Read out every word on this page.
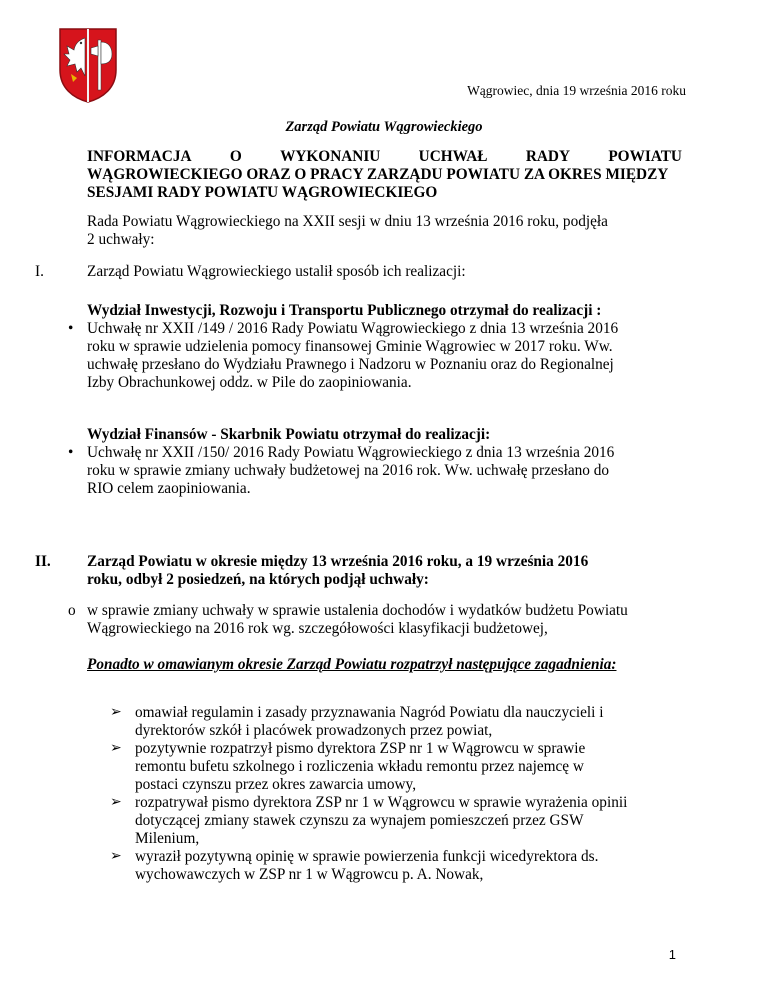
Wągrowiec, dnia 19 września 2016 roku
Zarząd Powiatu Wągrowieckiego
INFORMACJA	O	WYKONANIU	UCHWAŁ	RADY	POWIATU
WĄGROWIECKIEGO ORAZ O PRACY ZARZĄDU POWIATU ZA OKRES MIĘDZY
SESJAMI RADY POWIATU WĄGROWIECKIEGO
Rada Powiatu Wągrowieckiego na XXII sesji w dniu 13 września 2016 roku, podjęła
2 uchwały:
I.	Zarząd Powiatu Wągrowieckiego ustalił sposób ich realizacji:
Wydział Inwestycji, Rozwoju i Transportu Publicznego otrzymał do realizacji :
• Uchwałę nr XXII /149 / 2016 Rady Powiatu Wągrowieckiego z dnia 13 września 2016
roku w sprawie udzielenia pomocy finansowej Gminie Wągrowiec w 2017 roku. Ww.
uchwałę przesłano do Wydziału Prawnego i Nadzoru w Poznaniu oraz do Regionalnej
Izby Obrachunkowej oddz. w Pile do zaopiniowania.
Wydział Finansów - Skarbnik Powiatu otrzymał do realizacji:
• Uchwałę nr XXII /150/ 2016 Rady Powiatu Wągrowieckiego z dnia 13 września 2016
roku w sprawie zmiany uchwały budżetowej na 2016 rok. Ww. uchwałę przesłano do
RIO celem zaopiniowania.
II. Zarząd Powiatu w okresie między 13 września 2016 roku, a 19 września 2016
roku, odbył 2 posiedzeń, na których podjął uchwały:
o w sprawie zmiany uchwały w sprawie ustalenia dochodów i wydatków budżetu Powiatu
Wągrowieckiego na 2016 rok wg. szczegółowości klasyfikacji budżetowej,
Ponadto w omawianym okresie Zarząd Powiatu rozpatrzył następujące zagadnienia:
➢ omawiał regulamin i zasady przyznawania Nagród Powiatu dla nauczycieli i
dyrektorów szkół i placówek prowadzonych przez powiat,
➢ pozytywnie rozpatrzył pismo dyrektora ZSP nr 1 w Wągrowcu w sprawie
remontu bufetu szkolnego i rozliczenia wkładu remontu przez najemcę w
postaci czynszu przez okres zawarcia umowy,
➢ rozpatrywał pismo dyrektora ZSP nr 1 w Wągrowcu w sprawie wyrażenia opinii
dotyczącej zmiany stawek czynszu za wynajem pomieszczeń przez GSW
Milenium,
➢ wyraził pozytywną opinię w sprawie powierzenia funkcji wicedyrektora ds.
wychowawczych w ZSP nr 1 w Wągrowcu p. A. Nowak,
1
